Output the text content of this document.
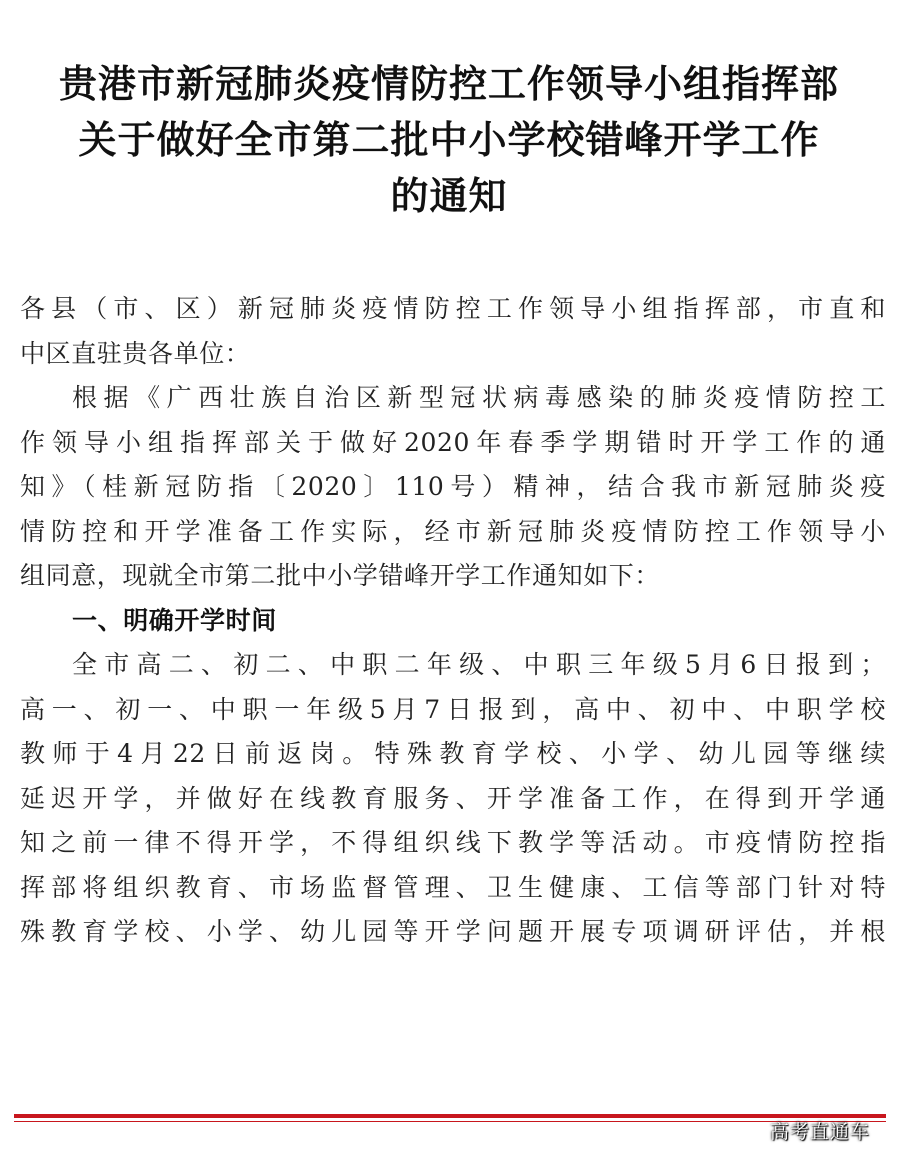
贵港市新冠肺炎疫情防控工作领导小组指挥部
关于做好全市第二批中小学校错峰开学工作
的通知
各县（市、区）新冠肺炎疫情防控工作领导小组指挥部，市直和
中区直驻贵各单位：
根据《广西壮族自治区新型冠状病毒感染的肺炎疫情防控工
作领导小组指挥部关于做好2020年春季学期错时开学工作的通
知》（桂新冠防指〔2020〕110号）精神，结合我市新冠肺炎疫
情防控和开学准备工作实际，经市新冠肺炎疫情防控工作领导小
组同意，现就全市第二批中小学错峰开学工作通知如下：
一、明确开学时间
全市高二、初二、中职二年级、中职三年级5月6日报到；
高一、初一、中职一年级5月7日报到，高中、初中、中职学校
教师于4月22日前返岗。特殊教育学校、小学、幼儿园等继续
延迟开学，并做好在线教育服务、开学准备工作，在得到开学通
知之前一律不得开学，不得组织线下教学等活动。市疫情防控指
挥部将组织教育、市场监督管理、卫生健康、工信等部门针对特
殊教育学校、小学、幼儿园等开学问题开展专项调研评估，并根
高考直通车
